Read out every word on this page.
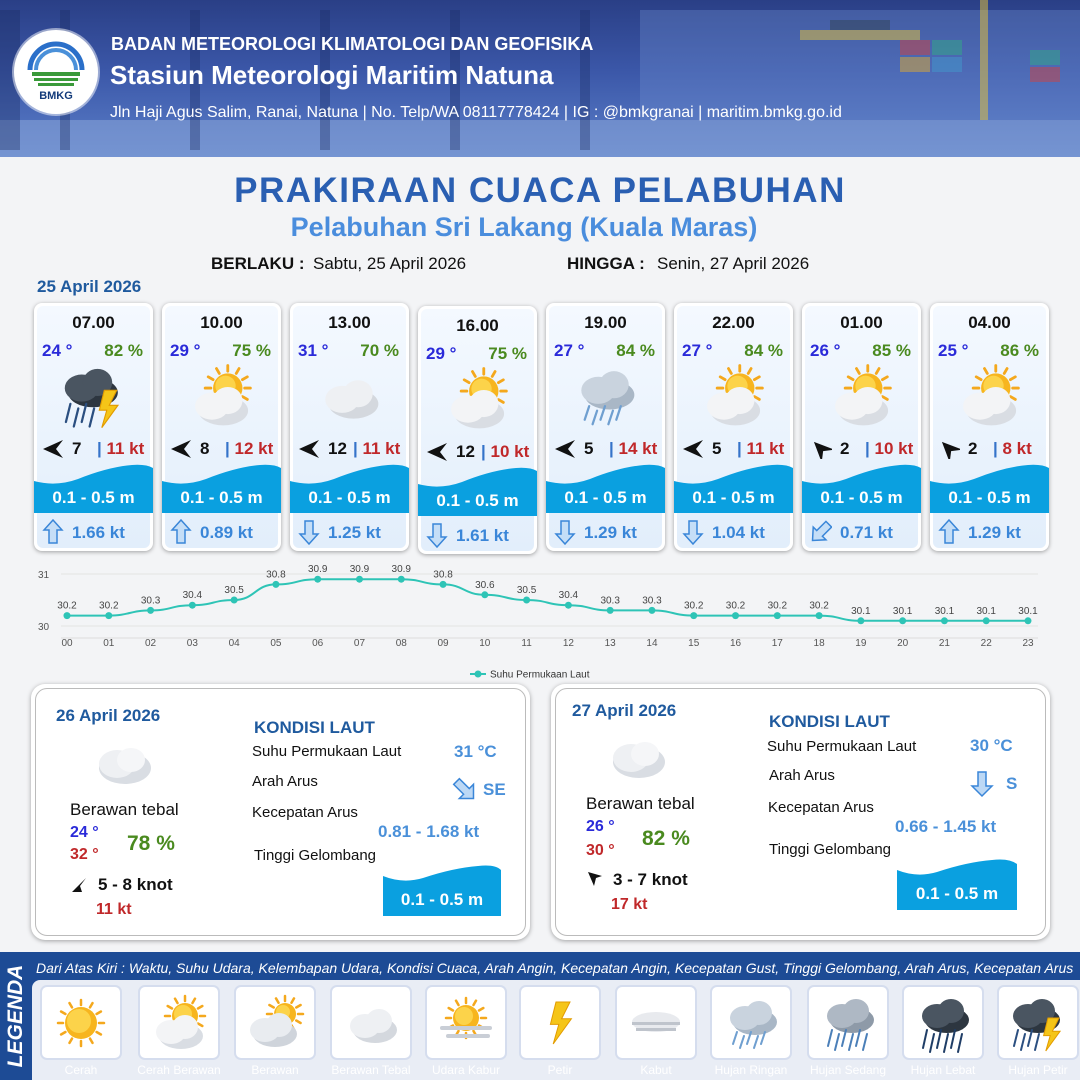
BMKG
BADAN METEOROLOGI KLIMATOLOGI DAN GEOFISIKA
Stasiun Meteorologi Maritim Natuna
Jln Haji Agus Salim, Ranai, Natuna | No. Telp/WA 08117778424 | IG : @bmkgranai | maritim.bmkg.go.id
PRAKIRAAN CUACA PELABUHAN
Pelabuhan Sri Lakang (Kuala Maras)
BERLAKU : Sabtu, 25 April 2026	HINGGA : Senin, 27 April 2026
25 April 2026
07.00
24 ° 82 %
7 | 11 kt
0.1 - 0.5 m
1.66 kt
10.00
29 ° 75 %
8 | 12 kt
0.1 - 0.5 m
0.89 kt
13.00
31 ° 70 %
12 | 11 kt
0.1 - 0.5 m
1.25 kt
16.00
29 ° 75 %
12 | 10 kt
0.1 - 0.5 m
1.61 kt
19.00
27 ° 84 %
5 | 14 kt
0.1 - 0.5 m
1.29 kt
22.00
27 ° 84 %
5 | 11 kt
0.1 - 0.5 m
1.04 kt
01.00
26 ° 85 %
2 | 10 kt
0.1 - 0.5 m
0.71 kt
04.00
25 ° 86 %
2 | 8 kt
0.1 - 0.5 m
1.29 kt
31
30
30.2
00
30.2
01
30.3
02
30.4
03
30.5
04
30.8
05
30.9
06
30.9
07
30.9
08
30.8
09
30.6
10
30.5
11
30.4
12
30.3
13
30.3
14
30.2
15
30.2
16
30.2
17
30.2
18
30.1
19
30.1
20
30.1
21
30.1
22
30.1
23
Suhu Permukaan Laut
26 April 2026
Berawan tebal
24 °
32 ° 78 %
5 - 8 knot
11 kt
KONDISI LAUT
Suhu Permukaan Laut	31 °C
Arah Arus	SE
Kecepatan Arus
0.81 - 1.68 kt
Tinggi Gelombang
0.1 - 0.5 m
27 April 2026
Berawan tebal
26 °
30 °
82 %
3 - 7 knot
17 kt
KONDISI LAUT
Suhu Permukaan Laut	30 °C
Arah Arus	S
Kecepatan Arus
0.66 - 1.45 kt
Tinggi Gelombang
0.1 - 0.5 m
LEGENDA Dari Atas Kiri : Waktu, Suhu Udara, Kelembapan Udara, Kondisi Cuaca, Arah Angin, Kecepatan Angin, Kecepatan Gust, Tinggi Gelombang, Arah Arus, Kecepatan Arus
Cerah	Cerah Berawan	Berawan	Berawan Tebal	Udara Kabur	Petir	Kabut	Hujan Ringan	Hujan Sedang	Hujan Lebat	Hujan Petir
